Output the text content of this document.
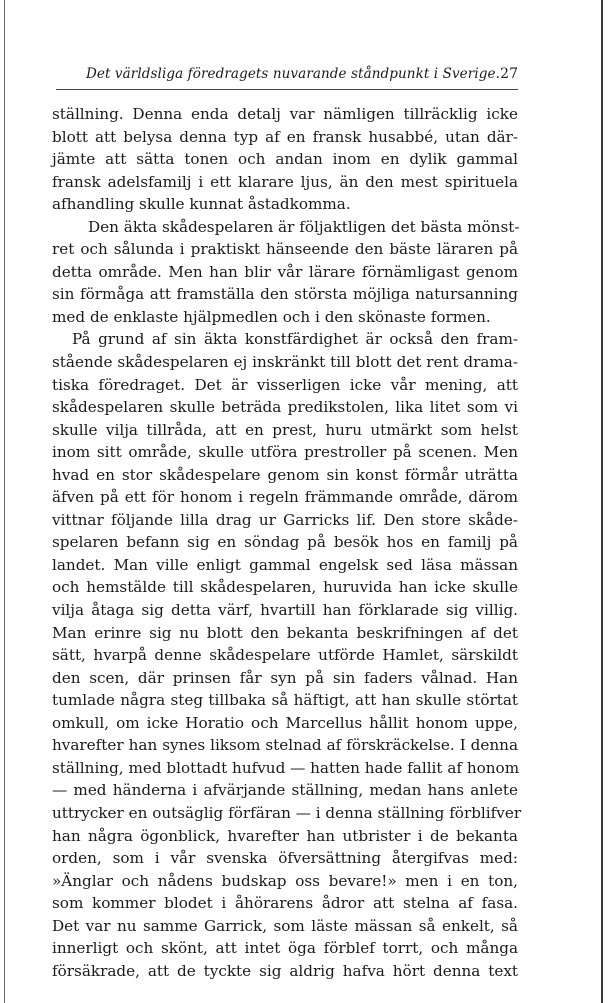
Det världsliga föredragets nuvarande ståndpunkt i Sverige. 27
ställning. Denna enda detalj var nämligen tillräcklig icke
blott att belysa denna typ af en fransk husabbé, utan där-
jämte att sätta tonen och andan inom en dylik gammal
fransk adelsfamilj i ett klarare ljus, än den mest spirituela
afhandling skulle kunnat åstadkomma.
Den äkta skådespelaren är följaktligen det bästa mönst-
ret och sålunda i praktiskt hänseende den bäste läraren på
detta område. Men han blir vår lärare förnämligast genom
sin förmåga att framställa den största möjliga natursanning
med de enklaste hjälpmedlen och i den skönaste formen.
På grund af sin äkta konstfärdighet är också den fram-
stående skådespelaren ej inskränkt till blott det rent drama-
tiska föredraget. Det är visserligen icke vår mening, att
skådespelaren skulle beträda predikstolen, lika litet som vi
skulle vilja tillråda, att en prest, huru utmärkt som helst
inom sitt område, skulle utföra prestroller på scenen. Men
hvad en stor skådespelare genom sin konst förmår uträtta
äfven på ett för honom i regeln främmande område, därom
vittnar följande lilla drag ur Garricks lif. Den store skåde-
spelaren befann sig en söndag på besök hos en familj på
landet. Man ville enligt gammal engelsk sed läsa mässan
och hemstälde till skådespelaren, huruvida han icke skulle
vilja åtaga sig detta värf, hvartill han förklarade sig villig.
Man erinre sig nu blott den bekanta beskrifningen af det
sätt, hvarpå denne skådespelare utförde Hamlet, särskildt
den scen, där prinsen får syn på sin faders vålnad. Han
tumlade några steg tillbaka så häftigt, att han skulle störtat
omkull, om icke Horatio och Marcellus hållit honom uppe,
hvarefter han synes liksom stelnad af förskräckelse. I denna
ställning, med blottadt hufvud — hatten hade fallit af honom
— med händerna i afvärjande ställning, medan hans anlete
uttrycker en outsäglig förfäran — i denna ställning förblifver
han några ögonblick, hvarefter han utbrister i de bekanta
orden, som i vår svenska öfversättning återgifvas med:
»Änglar och nådens budskap oss bevare!» men i en ton,
som kommer blodet i åhörarens ådror att stelna af fasa.
Det var nu samme Garrick, som läste mässan så enkelt, så
innerligt och skönt, att intet öga förblef torrt, och många
försäkrade, att de tyckte sig aldrig hafva hört denna text
